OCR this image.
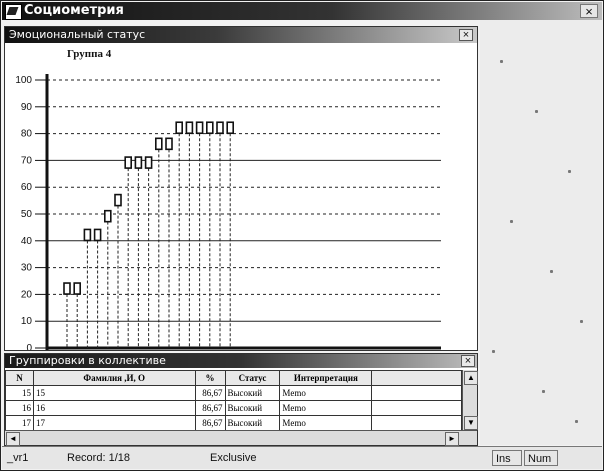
Социометрия	×
Эмоциональный статус	×
Группа 4
0
10
20
30
40
50
60
70
80
90
100
Группировки в коллективе	×
N	Фамилия ,И, О	%	Статус	Интерпретация	
15	15	86,67	Высокий	Memo	
16	16	86,67	Высокий	Memo	
17	17	86,67	Высокий	Memo	
▲
▼
◄	►
_vr1	Record: 1/18	Exclusive	Ins	Num
